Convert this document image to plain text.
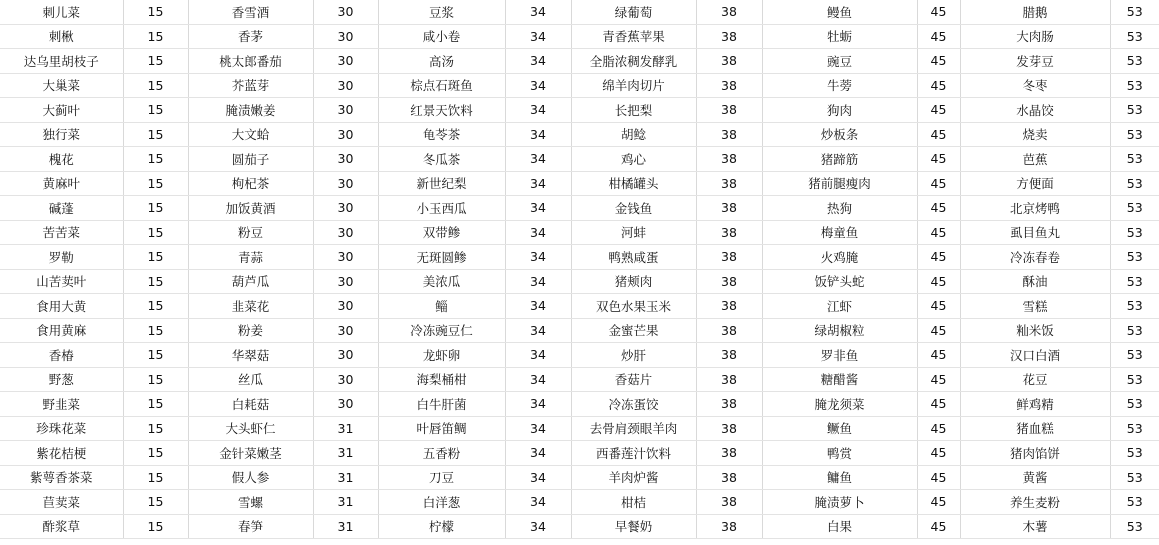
刺儿菜	15	香雪酒	30	豆浆	34	绿葡萄	38	鳗鱼	45	腊鹅	53
刺楸	15	香茅	30	咸小卷	34	青香蕉苹果	38	牡蛎	45	大肉肠	53
达乌里胡枝子	15	桃太郎番茄	30	高汤	34	全脂浓稠发酵乳	38	豌豆	45	发芽豆	53
大巢菜	15	芥蓝芽	30	棕点石斑鱼	34	绵羊肉切片	38	牛蒡	45	冬枣	53
大蓟叶	15	腌渍嫩姜	30	红景天饮料	34	长把梨	38	狗肉	45	水晶饺	53
独行菜	15	大文蛤	30	龟苓茶	34	胡鲶	38	炒板条	45	烧卖	53
槐花	15	圆茄子	30	冬瓜茶	34	鸡心	38	猪蹄筋	45	芭蕉	53
黄麻叶	15	枸杞茶	30	新世纪梨	34	柑橘罐头	38	猪前腿瘦肉	45	方便面	53
碱蓬	15	加饭黄酒	30	小玉西瓜	34	金钱鱼	38	热狗	45	北京烤鸭	53
苦苦菜	15	粉豆	30	双带鲹	34	河蚌	38	梅童鱼	45	虱目鱼丸	53
罗勒	15	青蒜	30	无斑圆鲹	34	鸭熟咸蛋	38	火鸡腌	45	冷冻春卷	53
山苦荬叶	15	葫芦瓜	30	美浓瓜	34	猪颊肉	38	饭铲头蛇	45	酥油	53
食用大黄	15	韭菜花	30	鲻	34	双色水果玉米	38	江虾	45	雪糕	53
食用黄麻	15	粉姜	30	冷冻豌豆仁	34	金蜜芒果	38	绿胡椒粒	45	籼米饭	53
香椿	15	华翠菇	30	龙虾卵	34	炒肝	38	罗非鱼	45	汉口白酒	53
野葱	15	丝瓜	30	海梨桶柑	34	香菇片	38	糖醋酱	45	花豆	53
野韭菜	15	白耗菇	30	白牛肝菌	34	冷冻蛋饺	38	腌龙须菜	45	鲜鸡精	53
珍珠花菜	15	大头虾仁	31	叶唇笛鲷	34	去骨肩颈眼羊肉	38	鳜鱼	45	猪血糕	53
紫花桔梗	15	金针菜嫩茎	31	五香粉	34	西番莲汁饮料	38	鸭赏	45	猪肉馅饼	53
紫萼香茶菜	15	假人参	31	刀豆	34	羊肉炉酱	38	鳙鱼	45	黄酱	53
苣荬菜	15	雪螺	31	白洋葱	34	柑桔	38	腌渍萝卜	45	养生麦粉	53
酢浆草	15	春笋	31	柠檬	34	早餐奶	38	白果	45	木薯	53
